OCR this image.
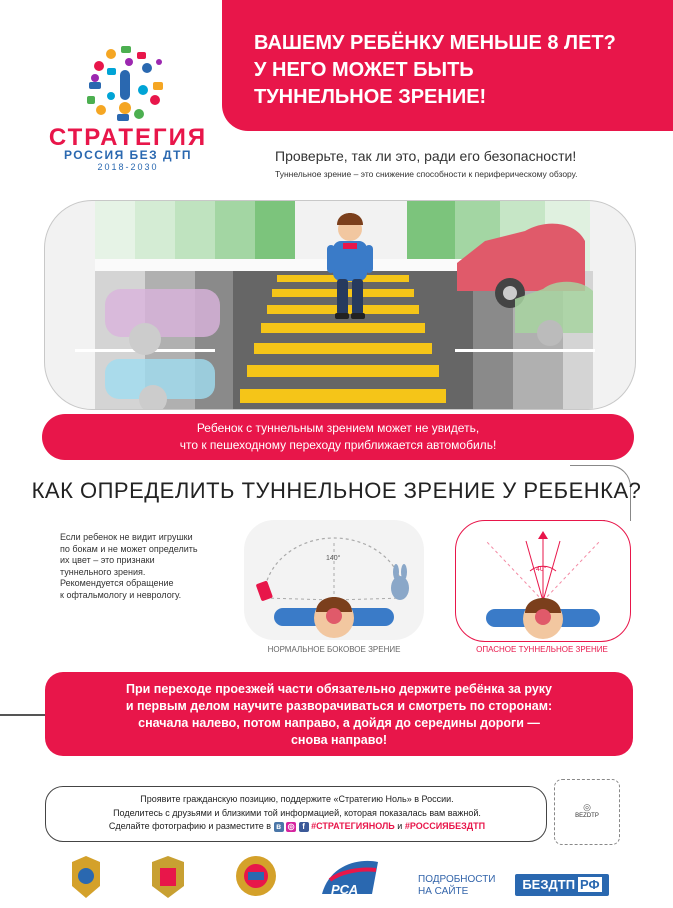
СТРАТЕГИЯ
РОССИЯ БЕЗ ДТП
2018-2030
ВАШЕМУ РЕБЁНКУ МЕНЬШЕ 8 ЛЕТ?
У НЕГО МОЖЕТ БЫТЬ
ТУННЕЛЬНОЕ ЗРЕНИЕ!
Проверьте, так ли это, ради его безопасности!
Туннельное зрение – это снижение способности к периферическому обзору.
Ребенок с туннельным зрением может не увидеть,
что к пешеходному переходу приближается автомобиль!
КАК ОПРЕДЕЛИТЬ ТУННЕЛЬНОЕ ЗРЕНИЕ У РЕБЕНКА?
Если ребенок не видит игрушки
по бокам и не может определить
их цвет – это признаки
туннельного зрения.
Рекомендуется обращение
к офтальмологу и неврологу.
140°
40°
НОРМАЛЬНОЕ БОКОВОЕ ЗРЕНИЕ	ОПАСНОЕ ТУННЕЛЬНОЕ ЗРЕНИЕ
При переходе проезжей части обязательно держите ребёнка за руку
и первым делом научите разворачиваться и смотреть по сторонам:
сначала налево, потом направо, а дойдя до середины дороги —
снова направо!
Проявите гражданскую позицию, поддержите «Стратегию Ноль» в России.
Поделитесь с друзьями и близкими той информацией, которая показалась вам важной.
Сделайте фотографию и разместите в в ◎ f #СТРАТЕГИЯНОЛЬ и #РОССИЯБЕЗДТП
◎
BEZDTP
РСА
ПОДРОБНОСТИ
НА САЙТЕ	БЕЗДТП РФ
